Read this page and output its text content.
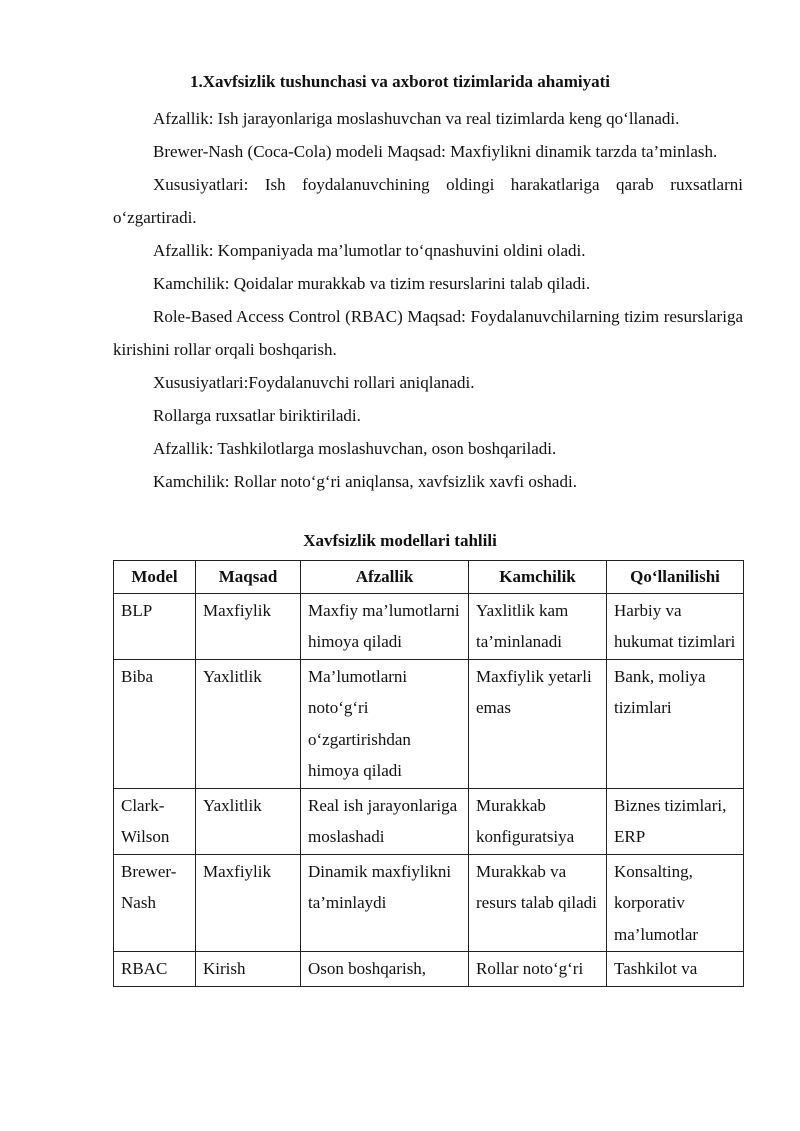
1.Xavfsizlik tushunchasi va axborot tizimlarida ahamiyati

Afzallik: Ish jarayonlariga moslashuvchan va real tizimlarda keng qo‘llanadi.

Brewer-Nash (Coca-Cola) modeli Maqsad: Maxfiylikni dinamik tarzda ta’minlash.

Xususiyatlari: Ish foydalanuvchining oldingi harakatlariga qarab ruxsatlarni o‘zgartiradi.

Afzallik: Kompaniyada ma’lumotlar to‘qnashuvini oldini oladi.

Kamchilik: Qoidalar murakkab va tizim resurslarini talab qiladi.

Role-Based Access Control (RBAC) Maqsad: Foydalanuvchilarning tizim resurslariga kirishini rollar orqali boshqarish.

Xususiyatlari:Foydalanuvchi rollari aniqlanadi.

Rollarga ruxsatlar biriktiriladi.

Afzallik: Tashkilotlarga moslashuvchan, oson boshqariladi.

Kamchilik: Rollar noto‘g‘ri aniqlansa, xavfsizlik xavfi oshadi.

Xavfsizlik modellari tahlili

Model	Maqsad	Afzallik	Kamchilik	Qo‘llanilishi
BLP	Maxfiylik	Maxfiy ma’lumotlarni himoya qiladi	Yaxlitlik kam ta’minlanadi	Harbiy va hukumat tizimlari
Biba	Yaxlitlik	Ma’lumotlarni noto‘g‘ri o‘zgartirishdan himoya qiladi	Maxfiylik yetarli emas	Bank, moliya tizimlari
Clark-Wilson	Yaxlitlik	Real ish jarayonlariga moslashadi	Murakkab konfiguratsiya	Biznes tizimlari, ERP
Brewer-Nash	Maxfiylik	Dinamik maxfiylikni ta’minlaydi	Murakkab va resurs talab qiladi	Konsalting, korporativ ma’lumotlar
RBAC	Kirish	Oson boshqarish,	Rollar noto‘g‘ri	Tashkilot va
